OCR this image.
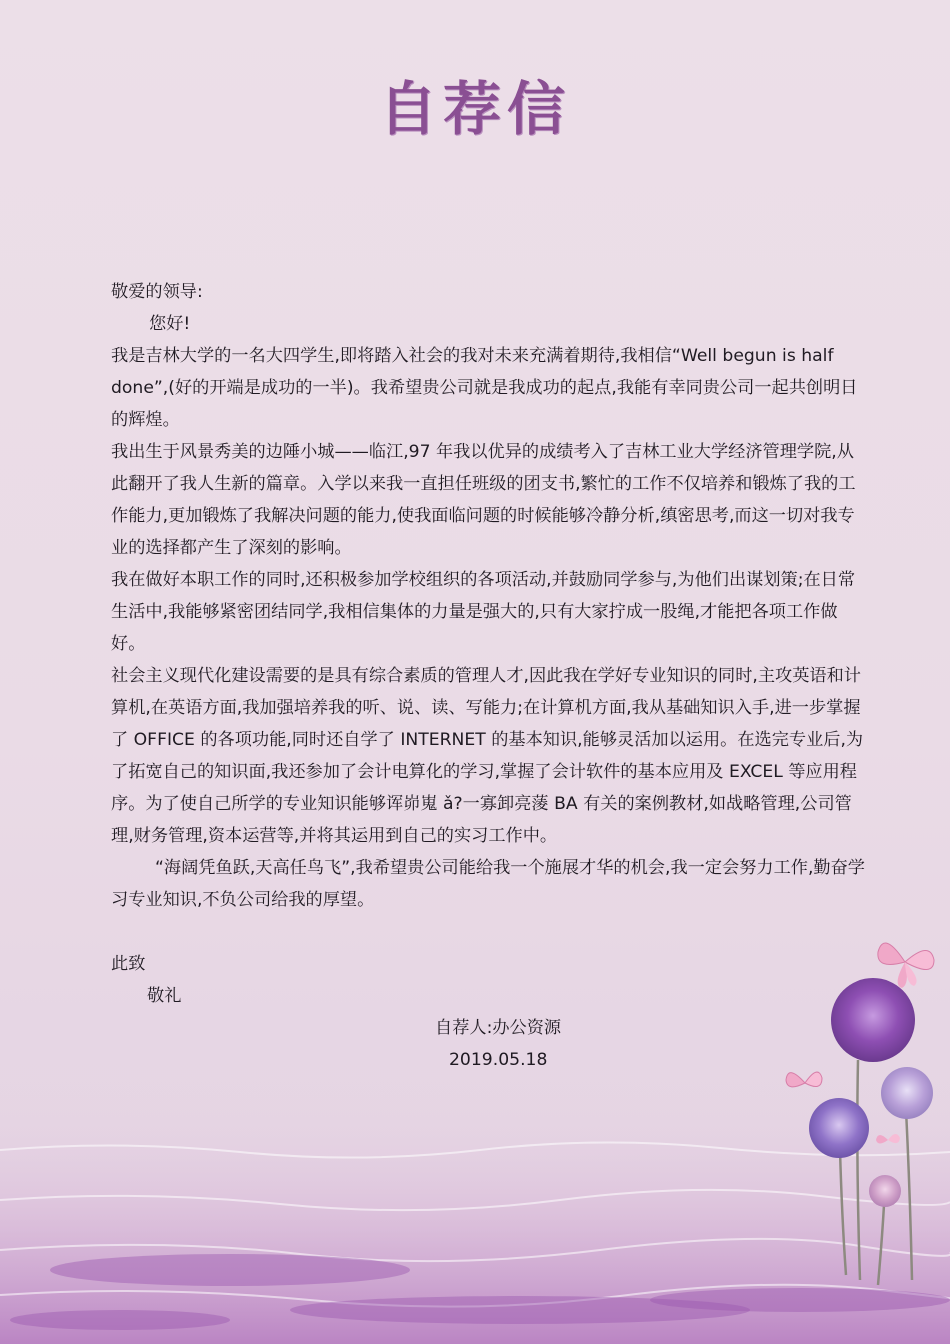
自荐信

敬爱的领导:

您好!

我是吉林大学的一名大四学生,即将踏入社会的我对未来充满着期待,我相信“Well begun is half done”,(好的开端是成功的一半)。我希望贵公司就是我成功的起点,我能有幸同贵公司一起共创明日的辉煌。

我出生于风景秀美的边陲小城——临江,97 年我以优异的成绩考入了吉林工业大学经济管理学院,从此翻开了我人生新的篇章。入学以来我一直担任班级的团支书,繁忙的工作不仅培养和锻炼了我的工作能力,更加锻炼了我解决问题的能力,使我面临问题的时候能够冷静分析,缜密思考,而这一切对我专业的选择都产生了深刻的影响。

我在做好本职工作的同时,还积极参加学校组织的各项活动,并鼓励同学参与,为他们出谋划策;在日常生活中,我能够紧密团结同学,我相信集体的力量是强大的,只有大家拧成一股绳,才能把各项工作做好。

社会主义现代化建设需要的是具有综合素质的管理人才,因此我在学好专业知识的同时,主攻英语和计算机,在英语方面,我加强培养我的听、说、读、写能力;在计算机方面,我从基础知识入手,进一步掌握了 OFFICE 的各项功能,同时还自学了 INTERNET 的基本知识,能够灵活加以运用。在选完专业后,为了拓宽自己的知识面,我还参加了会计电算化的学习,掌握了会计软件的基本应用及 EXCEL 等应用程序。为了使自己所学的专业知识能够诨峁嵬 ǎ?一寡卸亮蔆 BA 有关的案例教材,如战略管理,公司管理,财务管理,资本运营等,并将其运用到自己的实习工作中。

“海阔凭鱼跃,天高任鸟飞”,我希望贵公司能给我一个施展才华的机会,我一定会努力工作,勤奋学习专业知识,不负公司给我的厚望。

此致

敬礼

自荐人:办公资源

2019.05.18
